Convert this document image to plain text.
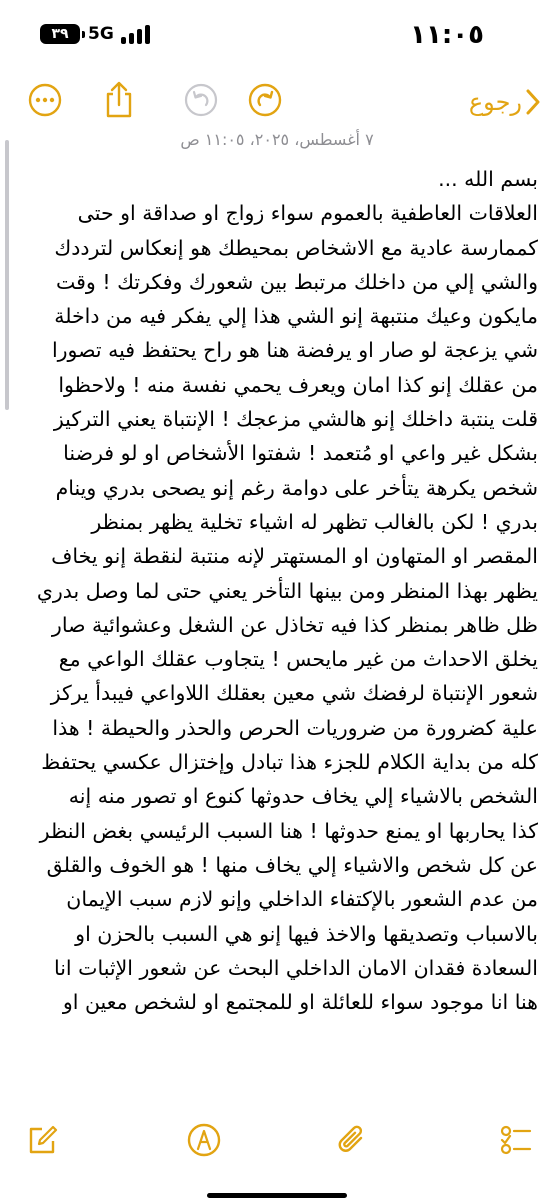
١١:٠٥
٣٩ 5G
رجوع
٧ أغسطس، ٢٠٢٥، ١١:٠٥ ص
بسم الله ...
العلاقات العاطفية بالعموم سواء زواج او صداقة او حتى
كممارسة عادية مع الاشخاص بمحيطك هو إنعكاس لترددك
والشي إلي من داخلك مرتبط بين شعورك وفكرتك ! وقت
مايكون وعيك منتبهة إنو الشي هذا إلي يفكر فيه من داخلة
شي يزعجة لو صار او يرفضة هنا هو راح يحتفظ فيه تصورا
من عقلك إنو كذا امان ويعرف يحمي نفسة منه ! ولاحظوا
قلت ينتبة داخلك إنو هالشي مزعجك ! الإنتباة يعني التركيز
بشكل غير واعي او مُتعمد ! شفتوا الأشخاص او لو فرضنا
شخص يكرهة يتأخر على دوامة رغم إنو يصحى بدري وينام
بدري ! لكن بالغالب تظهر له اشياء تخلية يظهر بمنظر
المقصر او المتهاون او المستهتر لإنه منتبة لنقطة إنو يخاف
يظهر بهذا المنظر ومن بينها التأخر يعني حتى لما وصل بدري
ظل ظاهر بمنظر كذا فيه تخاذل عن الشغل وعشوائية صار
يخلق الاحداث من غير مايحس ! يتجاوب عقلك الواعي مع
شعور الإنتباة لرفضك شي معين بعقلك اللاواعي فيبدأ يركز
علية كضرورة من ضروريات الحرص والحذر والحيطة ! هذا
كله من بداية الكلام للجزء هذا تبادل وإختزال عكسي يحتفظ
الشخص بالاشياء إلي يخاف حدوثها كنوع او تصور منه إنه
كذا يحاربها او يمنع حدوثها ! هنا السبب الرئيسي بغض النظر
عن كل شخص والاشياء إلي يخاف منها ! هو الخوف والقلق
من عدم الشعور بالإكتفاء الداخلي وإنو لازم سبب الإيمان
بالاسباب وتصديقها والاخذ فيها إنو هي السبب بالحزن او
السعادة فقدان الامان الداخلي البحث عن شعور الإثبات انا
هنا انا موجود سواء للعائلة او للمجتمع او لشخص معين او
